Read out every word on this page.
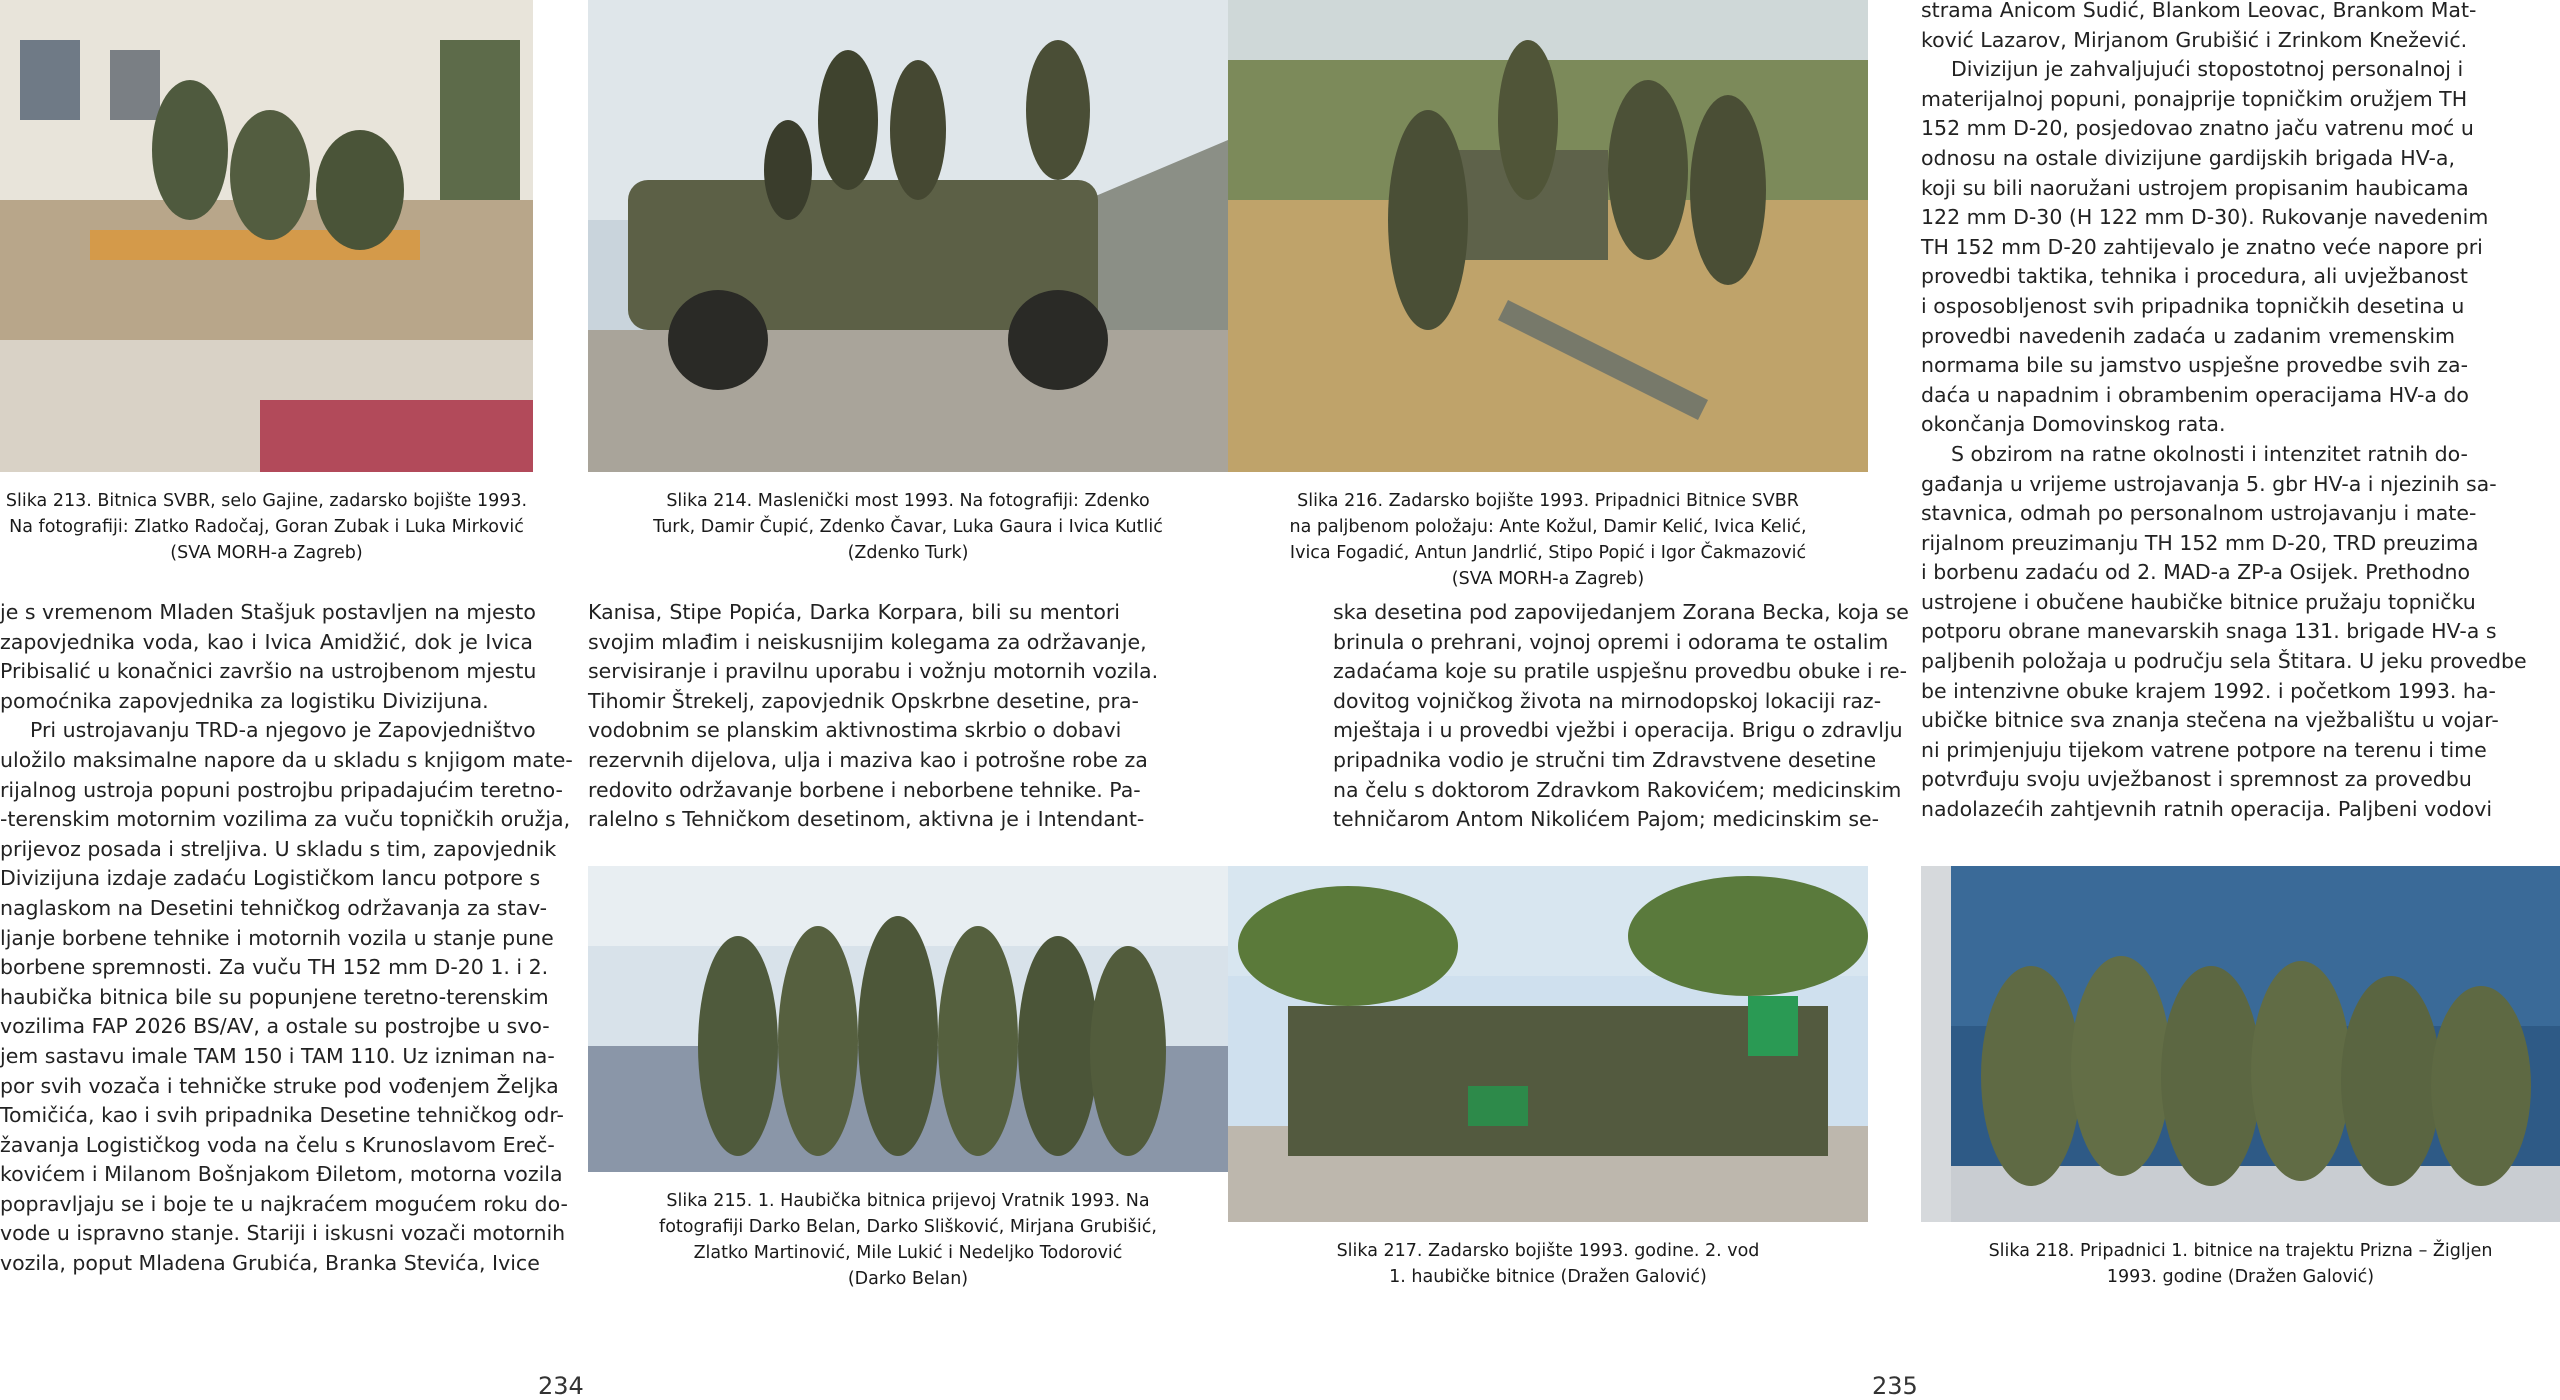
Slika 213. Bitnica SVBR, selo Gajine, zadarsko bojište 1993.
Na fotografiji: Zlatko Radočaj, Goran Zubak i Luka Mirković
(SVA MORH-a Zagreb)
Slika 214. Masleničk​i most 1993. Na fotografiji: Zdenko
Turk, Damir Čupić, Zdenko Čavar, Luka Gaura i Ivica Kutlić
(Zdenko Turk)
je s vremenom Mladen Stašjuk postavljen na mjesto
zapovjednika voda, kao i Ivica Amidžić, dok je Ivica
Pribisalić u konačnici završio na ustrojbenom mjestu
pomoćnika zapovjednika za logistiku Divizijuna.
Pri ustrojavanju TRD-a njegovo je Zapovjedništvo
uložilo maksimalne napore da u skladu s knjigom mate-
rijalnog ustroja popuni postrojbu pripadajućim teretno-
-terenskim motornim vozilima za vuču topničkih oružja,
prijevoz posada i streljiva. U skladu s tim, zapovjednik
Divizijuna izdaje zadaću Logističkom lancu potpore s
naglaskom na Desetini tehničkog održavanja za stav-
ljanje borbene tehnike i motornih vozila u stanje pune
borbene spremnosti. Za vuču TH 152 mm D-20 1. i 2.
haubička bitnica bile su popunjene teretno-terenskim
vozilima FAP 2026 BS/AV, a ostale su postrojbe u svo-
jem sastavu imale TAM 150 i TAM 110. Uz izniman na-
por svih vozača i tehničke struke pod vođenjem Željka
Tomičića, kao i svih pripadnika Desetine tehničkog odr-
žavanja Logističkog voda na čelu s Krunoslavom Ereč-
kovićem i Milanom Bošnjakom Điletom, motorna vozila
popravljaju se i boje te u najkraćem mogućem roku do-
vode u ispravno stanje. Stariji i iskusni vozači motornih
vozila, poput Mladena Grubića, Branka Stevića, Ivice
Kanisa, Stipe Popića, Darka Korpara, bili su mentori
svojim mlađim i neiskusnijim kolegama za održavanje,
servisiranje i pravilnu uporabu i vožnju motornih vozila.
Tihomir Štrekelj, zapovjednik Opskrbne desetine, pra-
vodobnim se planskim aktivnostima skrbio o dobavi
rezervnih dijelova, ulja i maziva kao i potrošne robe za
redovito održavanje borbene i neborbene tehnike. Pa-
ralelno s Tehničkom desetinom, aktivna je i Intendant-
Slika 215. 1. Haubička bitnica prijevoj Vratnik 1993. Na
fotografiji Darko Belan, Darko Slišković, Mirjana Grubišić,
Zlatko Martinović, Mile Lukić i Nedeljko Todorović
(Darko Belan)
234
Slika 216. Zadarsko bojište 1993. Pripadnici Bitnice SVBR
na paljbenom položaju: Ante Kožul, Damir Kelić, Ivica Kelić,
Ivica Fogadić, Antun Jandrlić, Stipo Popić i Igor Čakmazović
(SVA MORH-a Zagreb)
ska desetina pod zapovijedanjem Zorana Becka, koja se
brinula o prehrani, vojnoj opremi i odorama te ostalim
zadaćama koje su pratile uspješnu provedbu obuke i re-
dovitog vojničkog života na mirnodopskoj lokaciji raz-
mještaja i u provedbi vježbi i operacija. Brigu o zdravlju
pripadnika vodio je stručni tim Zdravstvene desetine
na čelu s doktorom Zdravkom Rakovićem; medicinskim
tehničarom Antom Nikolićem Pajom; medicinskim se-
Slika 217. Zadarsko bojište 1993. godine. 2. vod
1. haubičke bitnice (Dražen Galović)
strama Anicom Sudić, Blankom Leovac, Brankom Mat-
ković Lazarov, Mirjanom Grubišić i Zrinkom Knežević.
Divizijun je zahvaljujući stopostotnoj personalnoj i
materijalnoj popuni, ponajprije topničkim oružjem TH
152 mm D-20, posjedovao znatno jaču vatrenu moć u
odnosu na ostale divizijune gardijskih brigada HV-a,
koji su bili naoružani ustrojem propisanim haubicama
122 mm D-30 (H 122 mm D-30). Rukovanje navedenim
TH 152 mm D-20 zahtijevalo je znatno veće napore pri
provedbi taktika, tehnika i procedura, ali uvježbanost
i osposobljenost svih pripadnika topničkih desetina u
provedbi navedenih zadaća u zadanim vremenskim
normama bile su jamstvo uspješne provedbe svih za-
daća u napadnim i obrambenim operacijama HV-a do
okončanja Domovinskog rata.
S obzirom na ratne okolnosti i intenzitet ratnih do-
gađanja u vrijeme ustrojavanja 5. gbr HV-a i njezinih sa-
stavnica, odmah po personalnom ustrojavanju i mate-
rijalnom preuzimanju TH 152 mm D-20, TRD preuzima
i borbenu zadaću od 2. MAD-a ZP-a Osijek. Prethodno
ustrojene i obučene haubičke bitnice pružaju topničku
potporu obrane manevarskih snaga 131. brigade HV-a s
paljbenih položaja u području sela Štitara. U jeku provedbe
be intenzivne obuke krajem 1992. i početkom 1993. ha-
ubičke bitnice sva znanja stečena na vježbalištu u vojar-
ni primjenjuju tijekom vatrene potpore na terenu i time
potvrđuju svoju uvježbanost i spremnost za provedbu
nadolazećih zahtjevnih ratnih operacija. Paljbeni vodovi
Slika 218. Pripadnici 1. bitnice na trajektu Prizna – Žigljen
1993. godine (Dražen Galović)
235
